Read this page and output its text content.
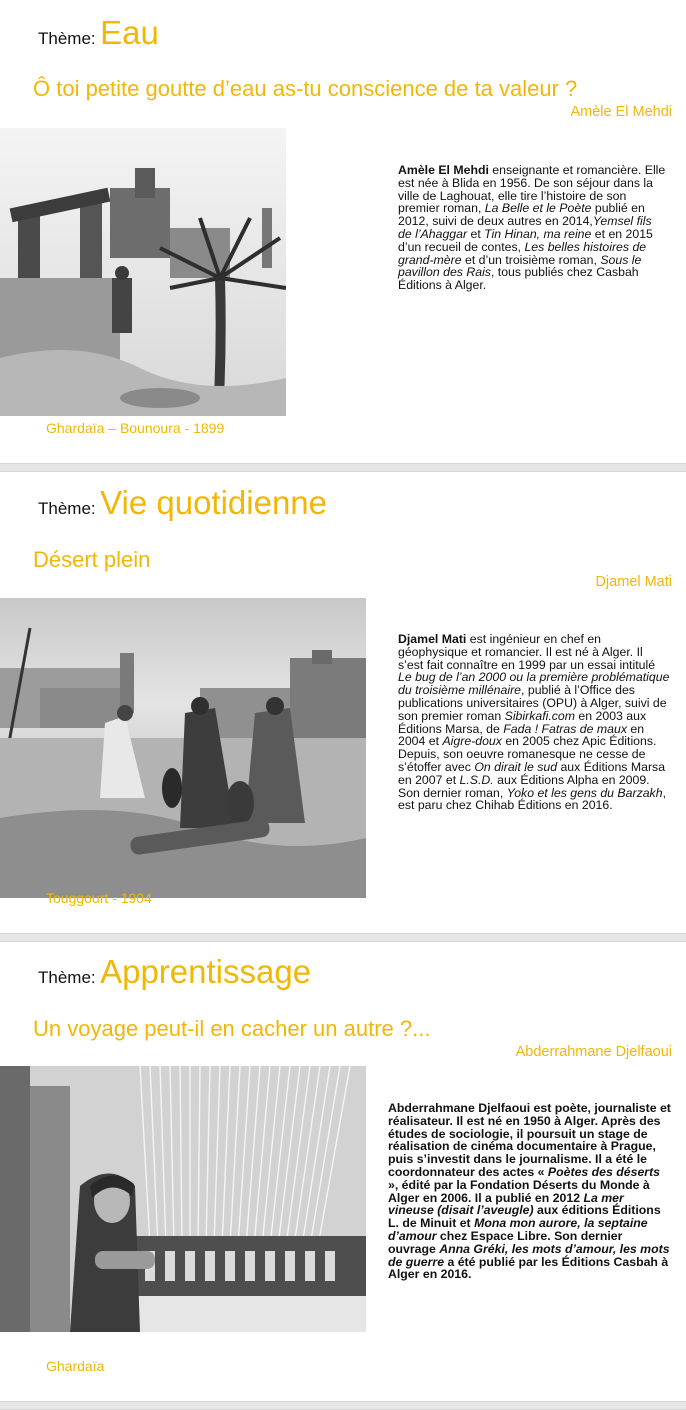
Thème: Eau
Ô toi petite goutte d’eau as-tu conscience de ta valeur ?
Amèle El Mehdi
Ghardaïa – Bounoura - 1899
Amèle El Mehdi enseignante et romancière. Elle est née à Blida en 1956. De son séjour dans la ville de Laghouat, elle tire l’histoire de son premier roman, La Belle et le Poète publié en 2012, suivi de deux autres en 2014,Yemsel fils de l’Ahaggar et Tin Hinan, ma reine et en 2015 d’un recueil de contes, Les belles histoires de grand-mère et d’un troisième roman, Sous le pavillon des Rais, tous publiés chez Casbah Éditions à Alger.
Thème: Vie quotidienne
Désert plein
Djamel Mati
Touggourt - 1904
Djamel Mati est ingénieur en chef en géophysique et romancier. Il est né à Alger. Il s’est fait connaître en 1999 par un essai intitulé Le bug de l’an 2000 ou la première problématique du troisième millénaire, publié à l’Office des publications universitaires (OPU) à Alger, suivi de son premier roman Sibirkafi.com en 2003 aux Éditions Marsa, de Fada ! Fatras de maux en 2004 et Aigre-doux en 2005 chez Apic Éditions. Depuis, son oeuvre romanesque ne cesse de s’étoffer avec On dirait le sud aux Éditions Marsa en 2007 et L.S.D. aux Éditions Alpha en 2009. Son dernier roman, Yoko et les gens du Barzakh, est paru chez Chihab Éditions en 2016.
Thème: Apprentissage
Un voyage peut-il en cacher un autre ?...
Abderrahmane Djelfaoui
Ghardaïa
Abderrahmane Djelfaoui est poète, journaliste et réalisateur. Il est né en 1950 à Alger. Après des études de sociologie, il poursuit un stage de réalisation de cinéma documentaire à Prague, puis s’investit dans le journalisme. Il a été le coordonnateur des actes « Poètes des déserts », édité par la Fondation Déserts du Monde à Alger en 2006. Il a publié en 2012 La mer vineuse (disait l’aveugle) aux éditions Éditions L. de Minuit et Mona mon aurore, la septaine d’amour chez Espace Libre. Son dernier ouvrage Anna Gréki, les mots d’amour, les mots de guerre a été publié par les Éditions Casbah à Alger en 2016.
